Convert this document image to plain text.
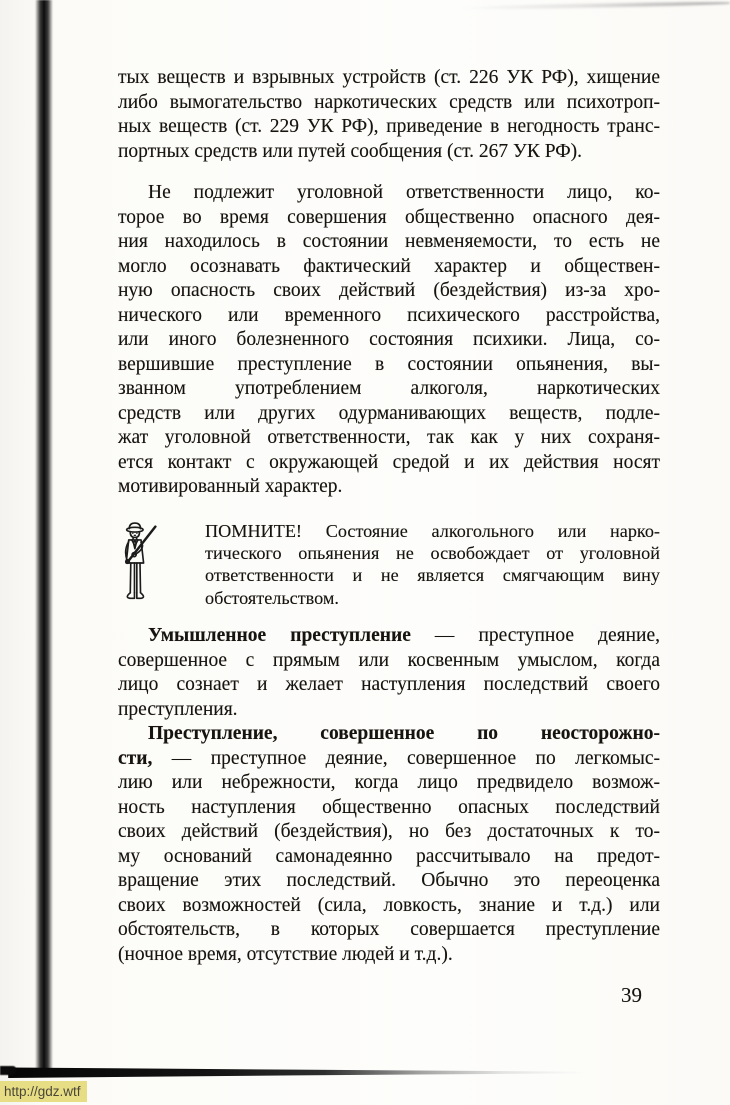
тых веществ и взрывных устройств (ст. 226 УК РФ), хищение
либо вымогательство наркотических средств или психотроп-
ных веществ (ст. 229 УК РФ), приведение в негодность транс-
портных средств или путей сообщения (ст. 267 УК РФ).
Не подлежит уголовной ответственности лицо, ко-
торое во время совершения общественно опасного дея-
ния находилось в состоянии невменяемости, то есть не
могло осознавать фактический характер и обществен-
ную опасность своих действий (бездействия) из-за хро-
нического или временного психического расстройства,
или иного болезненного состояния психики. Лица, со-
вершившие преступление в состоянии опьянения, вы-
званном употреблением алкоголя, наркотических
средств или других одурманивающих веществ, подле-
жат уголовной ответственности, так как у них сохраня-
ется контакт с окружающей средой и их действия носят
мотивированный характер.
ПОМНИТЕ! Состояние алкогольного или нарко-
тического опьянения не освобождает от уголовной
ответственности и не является смягчающим вину
обстоятельством.
Умышленное преступление — преступное деяние,
совершенное с прямым или косвенным умыслом, когда
лицо сознает и желает наступления последствий своего
преступления.
Преступление, совершенное по неосторожно-
сти, — преступное деяние, совершенное по легкомыс-
лию или небрежности, когда лицо предвидело возмож-
ность наступления общественно опасных последствий
своих действий (бездействия), но без достаточных к то-
му оснований самонадеянно рассчитывало на предот-
вращение этих последствий. Обычно это переоценка
своих возможностей (сила, ловкость, знание и т.д.) или
обстоятельств, в которых совершается преступление
(ночное время, отсутствие людей и т.д.).
39
http://gdz.wtf
